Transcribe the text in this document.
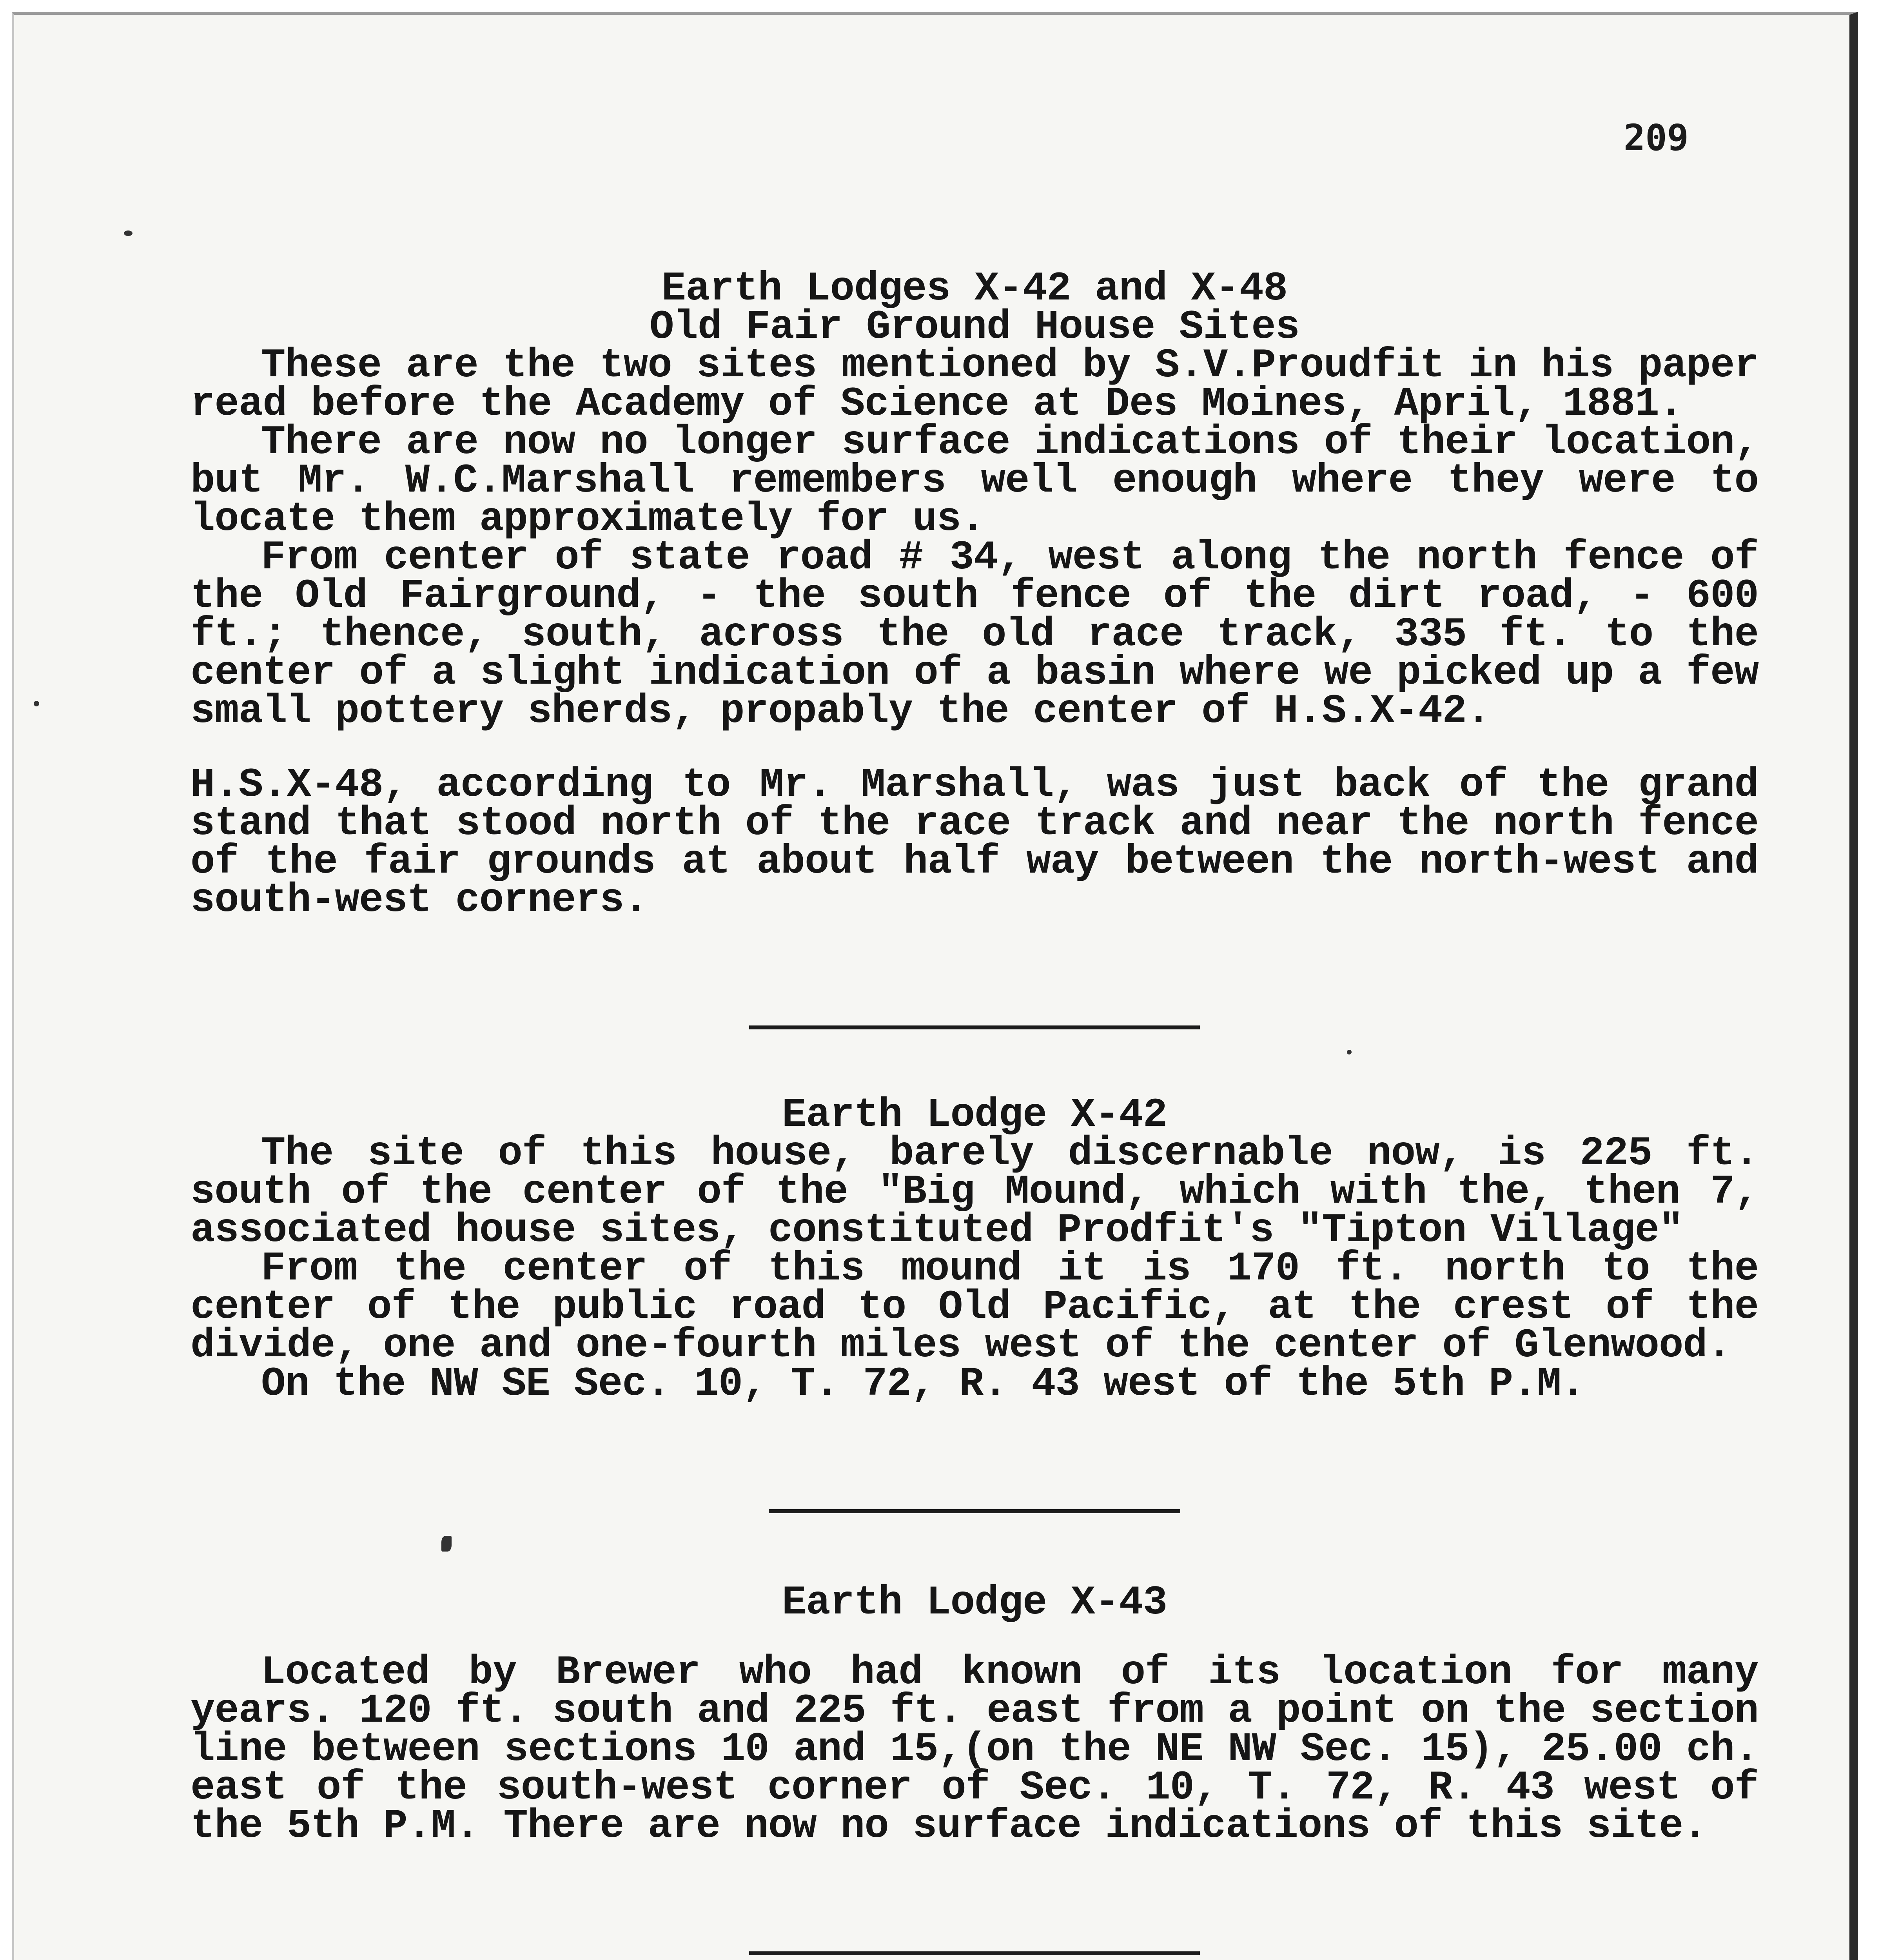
209

Earth Lodges X-42 and X-48

Old Fair Ground House Sites

These are the two sites mentioned by S.V.Proudfit in his paper read before the Academy of Science at Des Moines, April, 1881.

There are now no longer surface indications of their location, but Mr. W.C.Marshall remembers well enough where they were to locate them approximately for us.

From center of state road # 34, west along the north fence of the Old Fairground, - the south fence of the dirt road, - 600 ft.; thence, south, across the old race track, 335 ft. to the center of a slight indication of a basin where we picked up a few small pottery sherds, propably the center of H.S.X-42.

H.S.X-48, according to Mr. Marshall, was just back of the grand stand that stood north of the race track and near the north fence of the fair grounds at about half way between the north-west and south-west corners.

Earth Lodge X-42

The site of this house, barely discernable now, is 225 ft. south of the center of the "Big Mound, which with the, then 7, associated house sites, constituted Prodfit's "Tipton Village"

From the center of this mound it is 170 ft. north to the center of the public road to Old Pacific, at the crest of the divide, one and one-fourth miles west of the center of Glenwood.

On the NW SE Sec. 10, T. 72, R. 43 west of the 5th P.M.

Earth Lodge X-43

Located by Brewer who had known of its location for many years. 120 ft. south and 225 ft. east from a point on the section line between sections 10 and 15,(on the NE NW Sec. 15), 25.00 ch. east of the south-west corner of Sec. 10, T. 72, R. 43 west of the 5th P.M. There are now no surface indications of this site.
